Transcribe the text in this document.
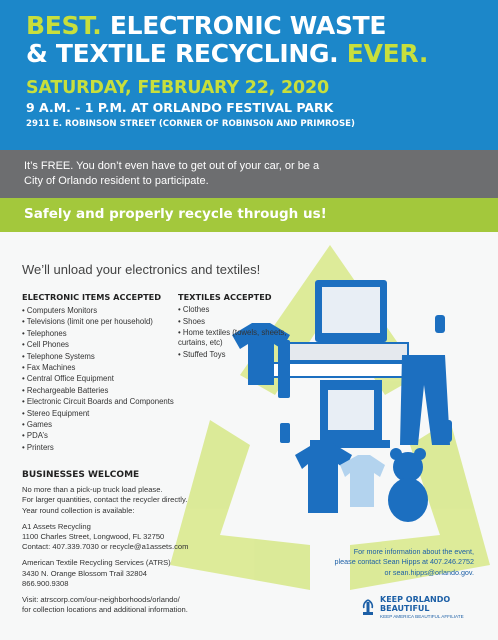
BEST. ELECTRONIC WASTE
& TEXTILE RECYCLING. EVER.
SATURDAY, FEBRUARY 22, 2020
9 A.M. - 1 P.M. AT ORLANDO FESTIVAL PARK
2911 E. ROBINSON STREET (CORNER OF ROBINSON AND PRIMROSE)
It’s FREE. You don’t even have to get out of your car, or be a
City of Orlando resident to participate.
Safely and properly recycle through us!
We’ll unload your electronics and textiles!
ELECTRONIC ITEMS ACCEPTED
• Computers Monitors
• Televisions (limit one per household)
• Telephones
• Cell Phones
• Telephone Systems
• Fax Machines
• Central Office Equipment
• Rechargeable Batteries
• Electronic Circuit Boards and Components
• Stereo Equipment
• Games
• PDA’s
• Printers
TEXTILES ACCEPTED
• Clothes
• Shoes
• Home textiles (towels, sheets, curtains, etc)
• Stuffed Toys
BUSINESSES WELCOME

No more than a pick-up truck load please.

For larger quantities, contact the recycler directly.

Year round collection is available:

A1 Assets Recycling

1100 Charles Street, Longwood, FL 32750

Contact: 407.339.7030 or recycle@a1assets.com

American Textile Recycling Services (ATRS)

3430 N. Orange Blossom Trail 32804

866.900.9308

Visit: atrscorp.com/our-neighborhoods/orlando/

for collection locations and additional information.

For more information about the event,
please contact Sean Hipps at 407.246.2752
or sean.hipps@orlando.gov.
KEEP ORLANDO
BEAUTIFUL
KEEP AMERICA BEAUTIFUL AFFILIATE
